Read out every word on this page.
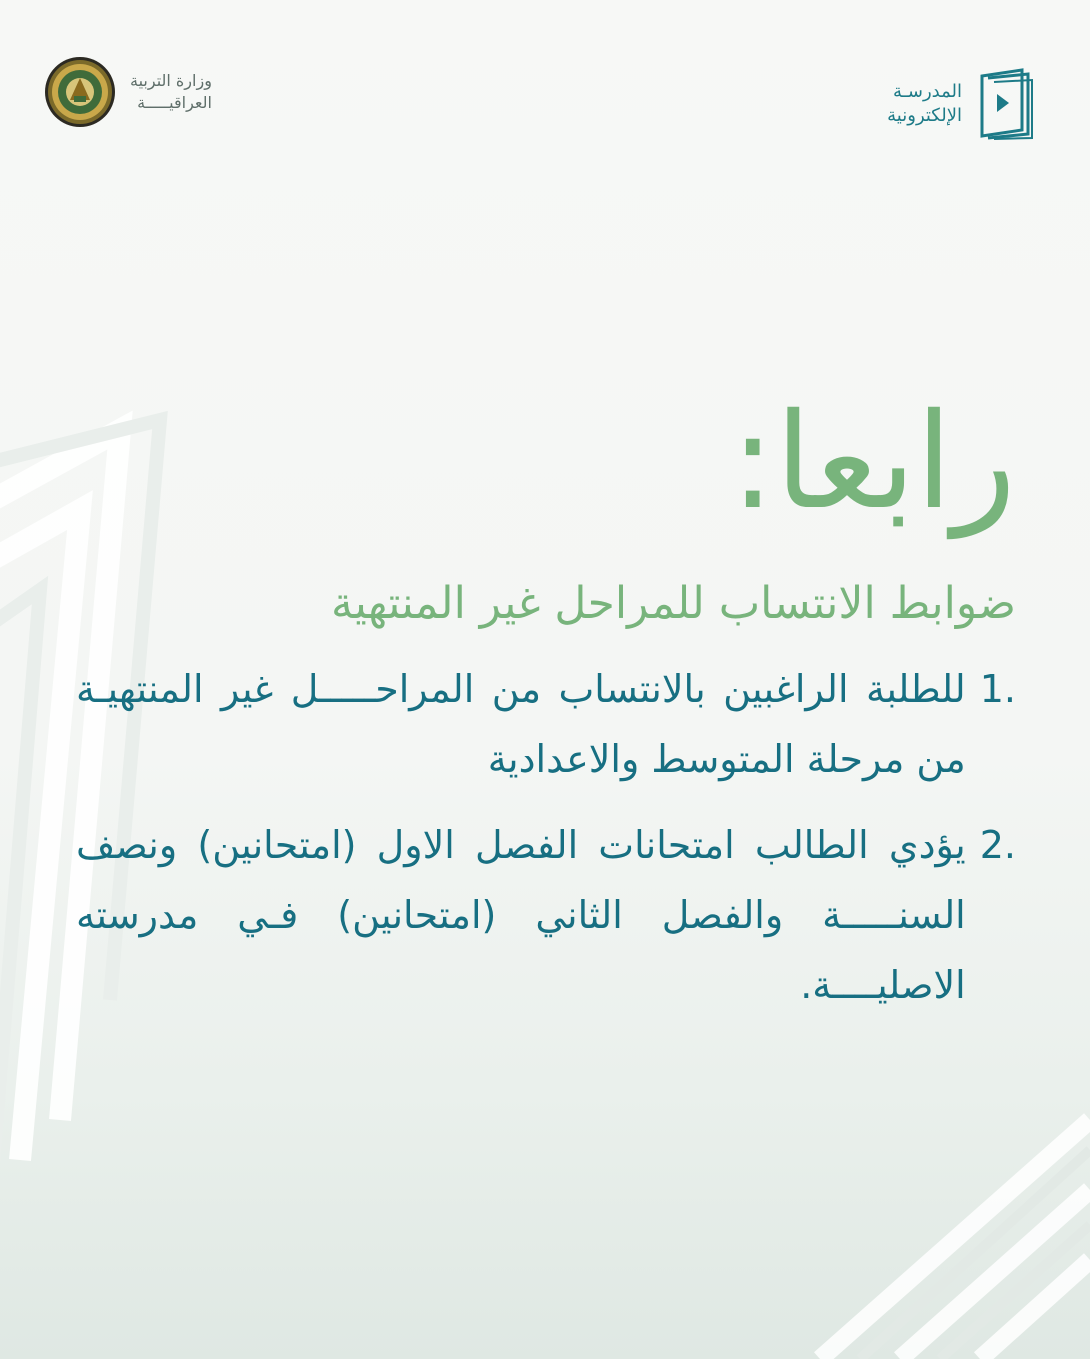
وزارة التربية
العراقيـــــة
المدرسـة
الإلكترونية
رابعا:
ضوابط الانتساب للمراحل غير المنتهية
.1
للطلبة الراغبين بالانتساب من المراحـــــل غير المنتهيـة من مرحلة المتوسط والاعدادية
.2
يؤدي الطالب امتحانات الفصل الاول (امتحانين) ونصف السنـــــة والفصل الثاني (امتحانين) فـي مدرسته الاصليــــة.
